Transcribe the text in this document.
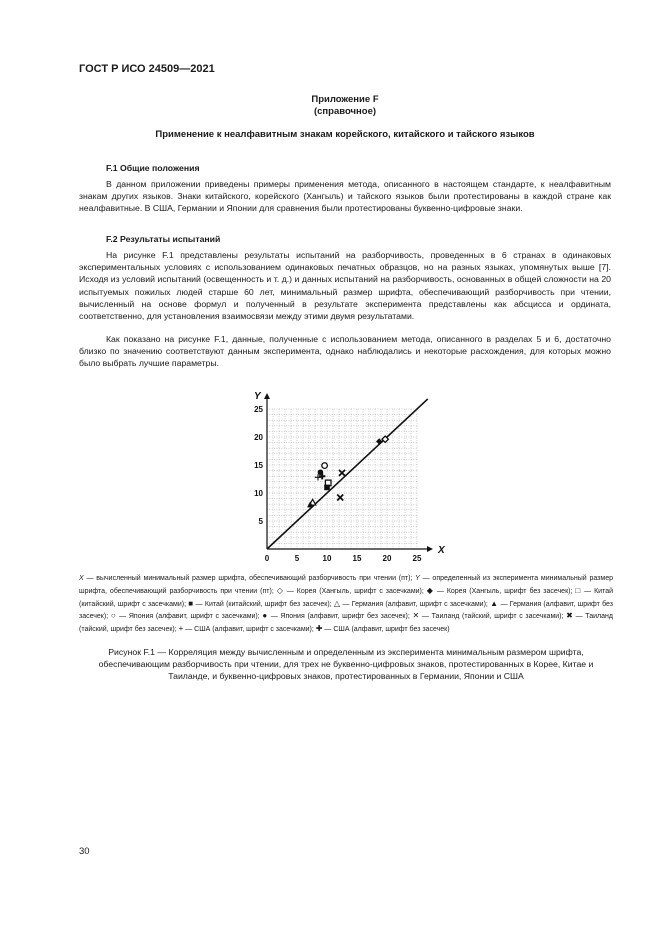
ГОСТ Р ИСО 24509—2021
Приложение F
(справочное)
Применение к неалфавитным знакам корейского, китайского и тайского языков
F.1 Общие положения

В данном приложении приведены примеры применения метода, описанного в настоящем стандарте, к неалфавитным знакам других языков. Знаки китайского, корейского (Хангыль) и тайского языков были протестированы в каждой стране как неалфавитные. В США, Германии и Японии для сравнения были протестированы буквенно-цифровые знаки.

F.2 Результаты испытаний

На рисунке F.1 представлены результаты испытаний на разборчивость, проведенных в 6 странах в одинаковых экспериментальных условиях с использованием одинаковых печатных образцов, но на разных языках, упомянутых выше [7]. Исходя из условий испытаний (освещенность и т. д.) и данных испытаний на разборчивость, основанных в общей сложности на 20 испытуемых пожилых людей старше 60 лет, минимальный размер шрифта, обеспечивающий разборчивость при чтении, вычисленный на основе формул и полученный в результате эксперимента представлены как абсцисса и ордината, соответственно, для установления взаимосвязи между этими двумя результатами.

Как показано на рисунке F.1, данные, полученные с использованием метода, описанного в разделах 5 и 6, достаточно близко по значению соответствуют данным эксперимента, однако наблюдались и некоторые расхождения, для которых можно было выбрать лучшие параметры.

X
Y
0	5	10	15	20	25
5
10
15
20
25

X — вычисленный минимальный размер шрифта, обеспечивающий разборчивость при чтении (пт); Y — определенный из эксперимента минимальный размер шрифта, обеспечивающий разборчивость при чтении (пт); ◇ — Корея (Хангыль, шрифт с засечками); ◆ — Корея (Хангыль, шрифт без засечек); □ — Китай (китайский, шрифт с засечками); ■ — Китай (китайский, шрифт без засечек); △ — Германия (алфавит, шрифт с засечками); ▲ — Германия (алфавит, шрифт без засечек); ○ — Япония (алфавит, шрифт с засечками); ● — Япония (алфавит, шрифт без засечек); ✕ — Таиланд (тайский, шрифт с засечками); ✖ — Таиланд (тайский, шрифт без засечек); + — США (алфавит, шрифт с засечками); ✚ — США (алфавит, шрифт без засечек)

Рисунок F.1 — Корреляция между вычисленным и определенным из эксперимента минимальным размером шрифта, обеспечивающим разборчивость при чтении, для трех не буквенно-цифровых знаков, протестированных в Корее, Китае и Таиланде, и буквенно-цифровых знаков, протестированных в Германии, Японии и США

30
